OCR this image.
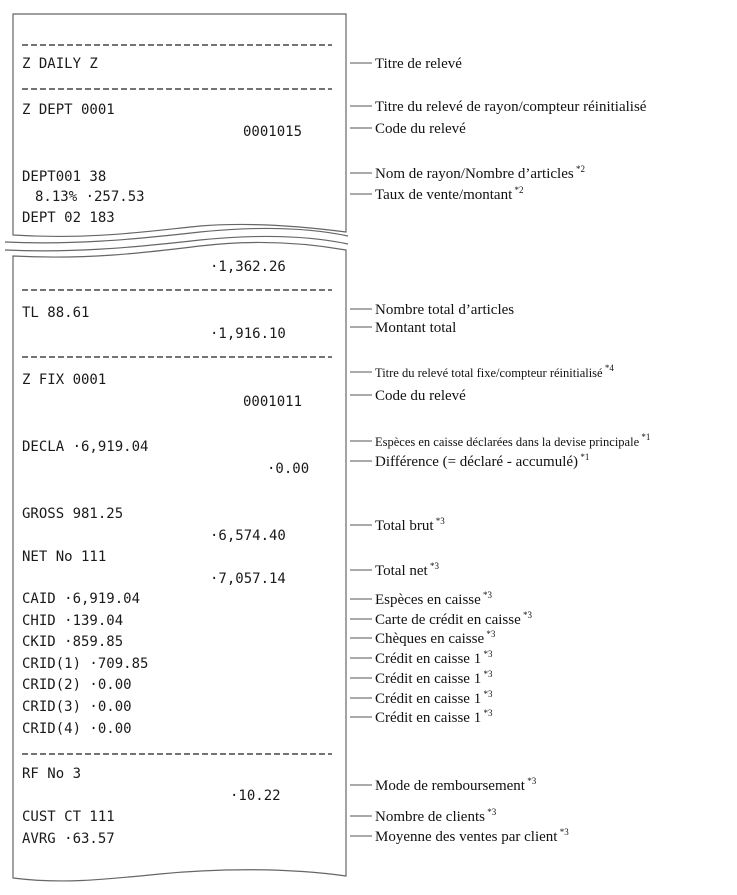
Z DAILY Z
Z DEPT 0001
0001015
DEPT001 38
8.13% ·257.53
DEPT 02 183
·1,362.26
TL 88.61
·1,916.10
Z FIX 0001
0001011
DECLA ·6,919.04
·0.00
GROSS 981.25
·6,574.40
NET No 111
·7,057.14
CAID ·6,919.04
CHID ·139.04
CKID ·859.85
CRID(1) ·709.85
CRID(2) ·0.00
CRID(3) ·0.00
CRID(4) ·0.00
RF No 3
·10.22
CUST CT 111
AVRG ·63.57
Titre de relevé
Titre du relevé de rayon/compteur réinitialisé
Code du relevé
Nom de rayon/Nombre d’articles $^{*2}$
Taux de vente/montant $^{*2}$
Nombre total d’articles
Montant total
Titre du relevé total fixe/compteur réinitialisé $^{*4}$
Code du relevé
Espèces en caisse déclarées dans la devise principale $^{*1}$
Différence (= déclaré - accumulé) $^{*1}$
Total brut $^{*3}$
Total net $^{*3}$
Espèces en caisse $^{*3}$
Carte de crédit en caisse $^{*3}$
Chèques en caisse $^{*3}$
Crédit en caisse 1 $^{*3}$
Crédit en caisse 1 $^{*3}$
Crédit en caisse 1 $^{*3}$
Crédit en caisse 1 $^{*3}$
Mode de remboursement $^{*3}$
Nombre de clients $^{*3}$
Moyenne des ventes par client $^{*3}$
